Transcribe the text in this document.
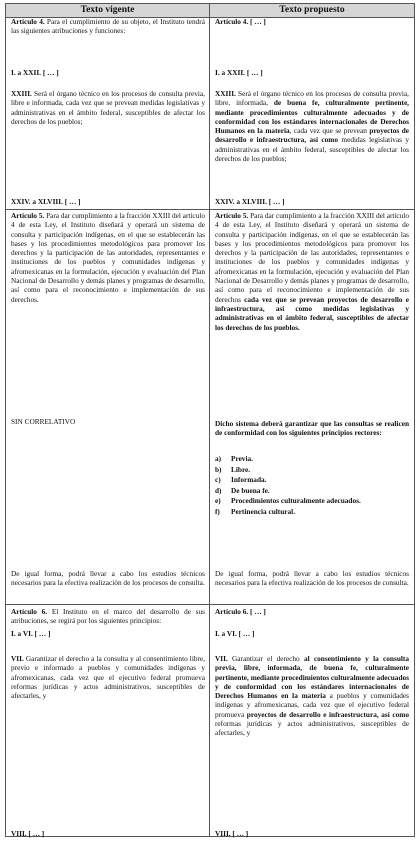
Texto vigente	Texto propuesto
Artículo 4. Para el cumplimiento de su objeto, el Instituto tendrá las siguientes atribuciones y funciones:
I. a XXII. [ … ]
XXIII. Será el órgano técnico en los procesos de consulta previa, libre e informada, cada vez que se prevean medidas legislativas y administrativas en el ámbito federal, susceptibles de afectar los derechos de los pueblos;
XXIV. a XLVIII. [ … ]
Artículo 4. [ … ]
I. a XXII. [ … ]
XXIII. Será el órgano técnico en los procesos de consulta previa, libre, informada, de buena fe, culturalmente pertinente, mediante procedimientos culturalmente adecuados y de conformidad con los estándares internacionales de Derechos Humanos en la materia, cada vez que se prevean proyectos de desarrollo e infraestructura, así como medidas legislativas y administrativas en el ámbito federal, susceptibles de afectar los derechos de los pueblos;
XXIV. a XLVIII. [ … ]
Artículo 5. Para dar cumplimiento a la fracción XXIII del artículo 4 de esta Ley, el Instituto diseñará y operará un sistema de consulta y participación indígenas, en el que se establecerán las bases y los procedimientos metodológicos para promover los derechos y la participación de las autoridades, representantes e instituciones de los pueblos y comunidades indígenas y afromexicanas en la formulación, ejecución y evaluación del Plan Nacional de Desarrollo y demás planes y programas de desarrollo, así como para el reconocimiento e implementación de sus derechos.
SIN CORRELATIVO
De igual forma, podrá llevar a cabo los estudios técnicos necesarios para la efectiva realización de los procesos de consulta.
Artículo 5. Para dar cumplimiento a la fracción XXIII del artículo 4 de esta Ley, el Instituto diseñará y operará un sistema de consulta y participación indígenas, en el que se establecerán las bases y los procedimientos metodológicos para promover los derechos y la participación de las autoridades, representantes e instituciones de los pueblos y comunidades indígenas y afromexicanas en la formulación, ejecución y evaluación del Plan Nacional de Desarrollo y demás planes y programas de desarrollo, así como para el reconocimiento e implementación de sus derechos cada vez que se prevean proyectos de desarrollo e infraestructura, así como medidas legislativas y administrativas en el ámbito federal, susceptibles de afectar los derechos de los pueblos.
Dicho sistema deberá garantizar que las consultas se realicen de conformidad con los siguientes principios rectores:
a) Previa.
b) Libre.
c) Informada.
d) De buena fe.
e) Procedimientos culturalmente adecuados.
f) Pertinencia cultural.
De igual forma, podrá llevar a cabo los estudios técnicos necesarios para la efectiva realización de los procesos de consulta.
Artículo 6. El Instituto en el marco del desarrollo de sus atribuciones, se regirá por los siguientes principios:
I. a VI. [ … ]
VII. Garantizar el derecho a la consulta y al consentimiento libre, previo e informado a pueblos y comunidades indígenas y afromexicanas, cada vez que el ejecutivo federal promueva reformas jurídicas y actos administrativos, susceptibles de afectarles, y
VIII. [ … ]
Artículo 6. [ … ]
I. a VI. [ … ]
VII. Garantizar el derecho al consentimiento y la consulta previa, libre, informada, de buena fe, culturalmente pertinente, mediante procedimientos culturalmente adecuados y de conformidad con los estándares internacionales de Derechos Humanos en la materia a pueblos y comunidades indígenas y afromexicanas, cada vez que el ejecutivo federal promueva proyectos de desarrollo e infraestructura, así como reformas jurídicas y actos administrativos, susceptibles de afectarles, y
VIII. [ … ]
